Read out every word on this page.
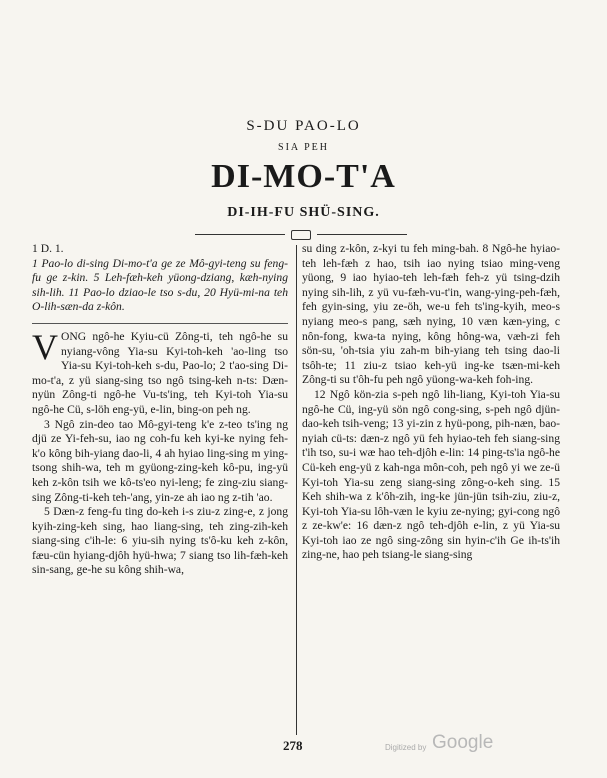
S-DU PAO-LO
SIA PEH
DI-MO-T'A
DI-IH-FU SHÜ-SING.

1 D. 1.

1 Pao-lo di-sing Di-mo-t'a ge ze Mô-gyi-teng su feng-fu ge z-kin. 5 Leh-fæh-keh yüong-dziang, kæh-nying sih-lih. 11 Pao-lo dziao-le tso s-du, 20 Hyü-mi-na teh O-lih-sæn-da z-kôn.

VONG ngô-he Kyiu-cü Zông-ti, teh ngô-he su nyiang-vông Yia-su Kyi-toh-keh 'ao-ling tso Yia-su Kyi-toh-keh s-du, Pao-lo; 2 t'ao-sing Di-mo-t'a, z yü siang-sing tso ngô tsing-keh n-ts: Dæn-nyün Zông-ti ngô-he Vu-ts'ing, teh Kyi-toh Yia-su ngô-he Cü, s-löh eng-yü, e-lin, bing-on peh ng.

3 Ngô zin-deo tao Mô-gyi-teng k'e z-teo ts'ing ng djü ze Yi-feh-su, iao ng coh-fu keh kyi-ke nying feh-k'o kông bih-yiang dao-li, 4 ah hyiao ling-sing m ying-tsong shih-wa, teh m gyüong-zing-keh kô-pu, ing-yü keh z-kôn tsih we kô-ts'eo nyi-leng; fe zing-ziu siang-sing Zông-ti-keh teh-'ang, yin-ze ah iao ng z-tih 'ao.

5 Dæn-z feng-fu ting do-keh i-s ziu-z zing-e, z jong kyih-zing-keh sing, hao liang-sing, teh zing-zih-keh siang-sing c'ih-le: 6 yiu-sih nying ts'ô-ku keh z-kôn, fæu-cün hyiang-djôh hyü-hwa; 7 siang tso lih-fæh-keh sin-sang, ge-he su kông shih-wa,

su ding z-kôn, z-kyi tu feh ming-bah. 8 Ngô-he hyiao-teh leh-fæh z hao, tsih iao nying tsiao ming-veng yüong, 9 iao hyiao-teh leh-fæh feh-z yü tsing-dzih nying sih-lih, z yü vu-fæh-vu-t'in, wang-ying-peh-fæh, feh gyin-sing, yiu ze-öh, we-u feh ts'ing-kyih, meo-s nyiang meo-s pang, sæh nying, 10 væn kæn-ying, c nôn-fong, kwa-ta nying, kông hông-wa, væh-zi feh sön-su, 'oh-tsia yiu zah-m bih-yiang teh tsing dao-li tsôh-te; 11 ziu-z tsiao keh-yü ing-ke tsæn-mi-keh Zông-ti su t'ôh-fu peh ngô yüong-wa-keh foh-ing.

12 Ngô kön-zia s-peh ngô lih-liang, Kyi-toh Yia-su ngô-he Cü, ing-yü sön ngô cong-sing, s-peh ngô djün-dao-keh tsih-veng; 13 yi-zin z hyü-pong, pih-næn, bao-nyiah cü-ts: dæn-z ngô yü feh hyiao-teh feh siang-sing t'ih tso, su-i wæ hao teh-djôh e-lin: 14 ping-ts'ia ngô-he Cü-keh eng-yü z kah-nga môn-coh, peh ngô yi we ze-ü Kyi-toh Yia-su zeng siang-sing zông-o-keh sing. 15 Keh shih-wa z k'ôh-zih, ing-ke jün-jün tsih-ziu, ziu-z, Kyi-toh Yia-su lôh-væn le kyiu ze-nying; gyi-cong ngô z ze-kw'e: 16 dæn-z ngô teh-djôh e-lin, z yü Yia-su Kyi-toh iao ze ngô sing-zông sin hyin-c'ih Ge ih-ts'ih zing-ne, hao peh tsiang-le siang-sing

278	Digitized by Google
